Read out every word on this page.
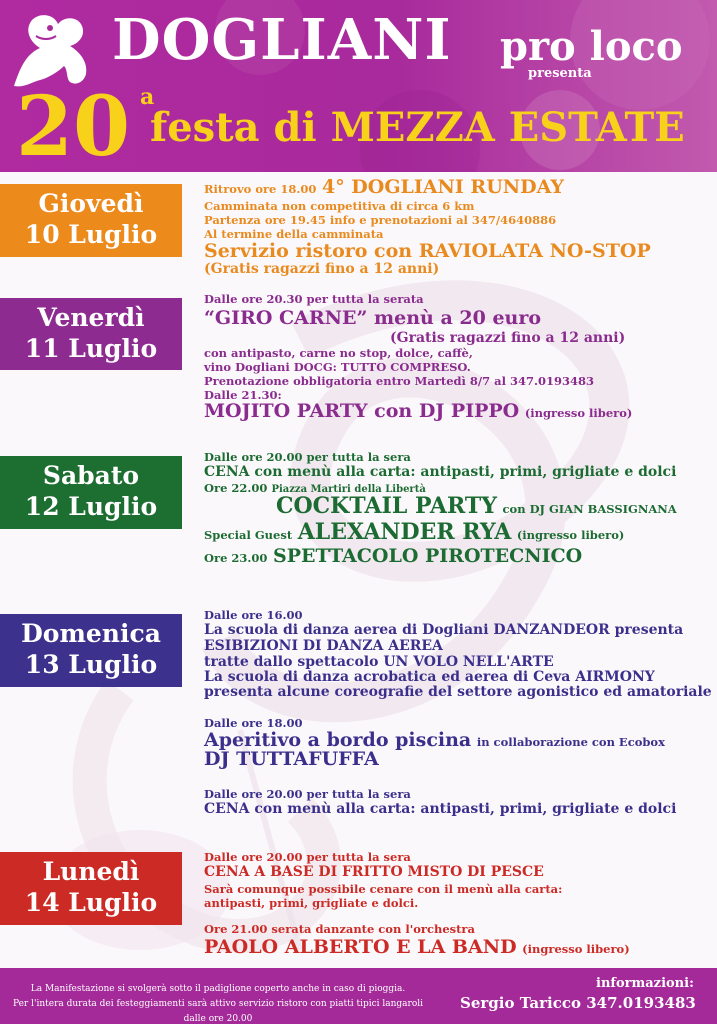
DOGLIANI pro loco
presenta
20 a
festa di MEZZA ESTATE
Giovedì
10 Luglio
Ritrovo ore 18.00 4° DOGLIANI RUNDAY
Camminata non competitiva di circa 6 km
Partenza ore 19.45 info e prenotazioni al 347/4640886
Al termine della camminata
Servizio ristoro con RAVIOLATA NO-STOP
(Gratis ragazzi fino a 12 anni)
Venerdì
11 Luglio
Dalle ore 20.30 per tutta la serata
“GIRO CARNE” menù a 20 euro
(Gratis ragazzi fino a 12 anni)
con antipasto, carne no stop, dolce, caffè,
vino Dogliani DOCG: TUTTO COMPRESO.
Prenotazione obbligatoria entro Martedì 8/7 al 347.0193483
Dalle 21.30:
MOJITO PARTY con DJ PIPPO (ingresso libero)
Sabato
12 Luglio
Dalle ore 20.00 per tutta la sera
CENA con menù alla carta: antipasti, primi, grigliate e dolci
Ore 22.00 Piazza Martiri della Libertà
COCKTAIL PARTY con DJ GIAN BASSIGNANA
Special Guest ALEXANDER RYA (ingresso libero)
Ore 23.00 SPETTACOLO PIROTECNICO
Domenica
13 Luglio
Dalle ore 16.00
La scuola di danza aerea di Dogliani DANZANDEOR presenta
ESIBIZIONI DI DANZA AEREA
tratte dallo spettacolo UN VOLO NELL'ARTE
La scuola di danza acrobatica ed aerea di Ceva AIRMONY
presenta alcune coreografie del settore agonistico ed amatoriale
Dalle ore 18.00
Aperitivo a bordo piscina in collaborazione con Ecobox
DJ TUTTAFUFFA
Dalle ore 20.00 per tutta la sera
CENA con menù alla carta: antipasti, primi, grigliate e dolci
Lunedì
14 Luglio
Dalle ore 20.00 per tutta la sera
CENA A BASE DI FRITTO MISTO DI PESCE
Sarà comunque possibile cenare con il menù alla carta:
antipasti, primi, grigliate e dolci.
Ore 21.00 serata danzante con l'orchestra
PAOLO ALBERTO E LA BAND (ingresso libero)
La Manifestazione si svolgerà sotto il padiglione coperto anche in caso di pioggia.
Per l'intera durata dei festeggiamenti sarà attivo servizio ristoro con piatti tipici langaroli dalle ore 20.00
informazioni:
Sergio Taricco 347.0193483
